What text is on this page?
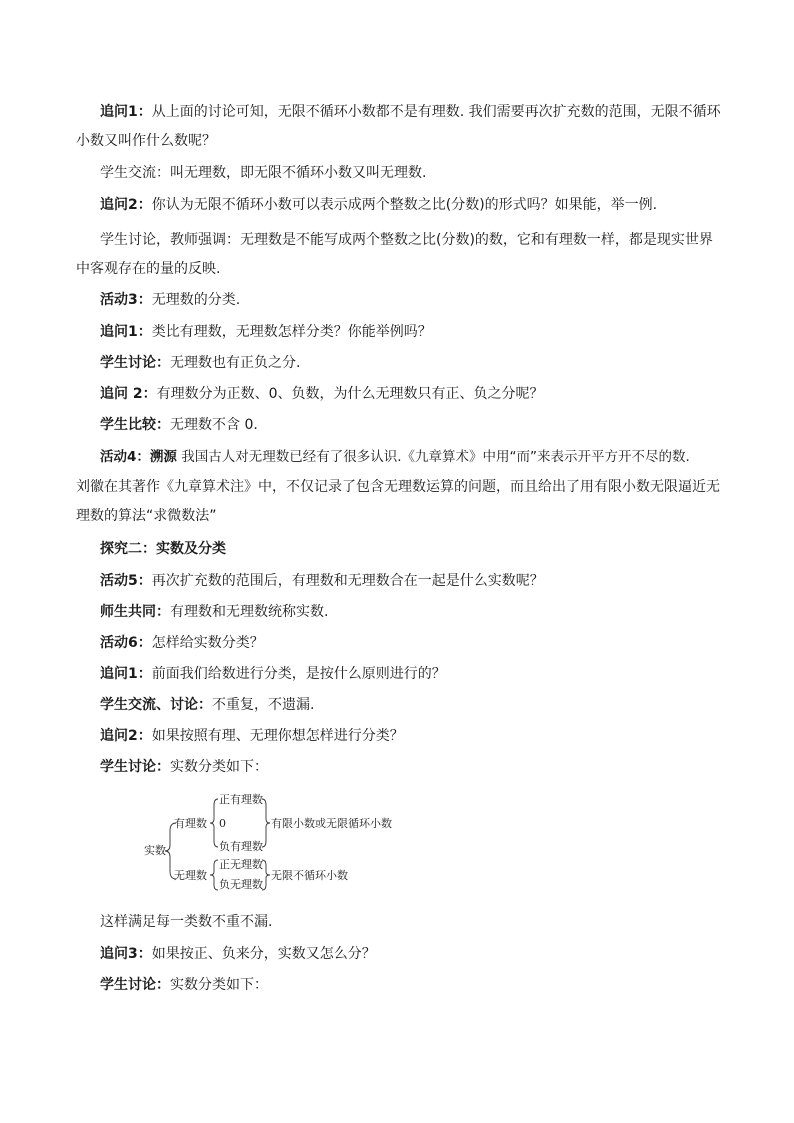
追问1：从上面的讨论可知，无限不循环小数都不是有理数. 我们需要再次扩充数的范围，无限不循环

小数又叫作什么数呢？

学生交流：叫无理数，即无限不循环小数又叫无理数.

追问2：你认为无限不循环小数可以表示成两个整数之比(分数)的形式吗？如果能，举一例.

学生讨论，教师强调：无理数是不能写成两个整数之比(分数)的数，它和有理数一样，都是现实世界

中客观存在的量的反映.

活动3：无理数的分类.

追问1：类比有理数，无理数怎样分类？你能举例吗？

学生讨论：无理数也有正负之分.

追问 2：有理数分为正数、0、负数，为什么无理数只有正、负之分呢？

学生比较：无理数不含 0.

活动4：溯源 我国古人对无理数已经有了很多认识.《九章算术》中用“而”来表示开平方开不尽的数.

刘徽在其著作《九章算术注》中，不仅记录了包含无理数运算的问题，而且给出了用有限小数无限逼近无

理数的算法“求微数法”

探究二：实数及分类

活动5：再次扩充数的范围后，有理数和无理数合在一起是什么实数呢？

师生共同：有理数和无理数统称实数.

活动6：怎样给实数分类？

追问1：前面我们给数进行分类，是按什么原则进行的？

学生交流、讨论：不重复，不遗漏.

追问2：如果按照有理、无理你想怎样进行分类？

学生讨论：实数分类如下：

实数
有理数
无理数
正有理数
0
负有理数
正无理数
负无理数
有限小数或无限循环小数
无限不循环小数

这样满足每一类数不重不漏.

追问3：如果按正、负来分，实数又怎么分？

学生讨论：实数分类如下：
